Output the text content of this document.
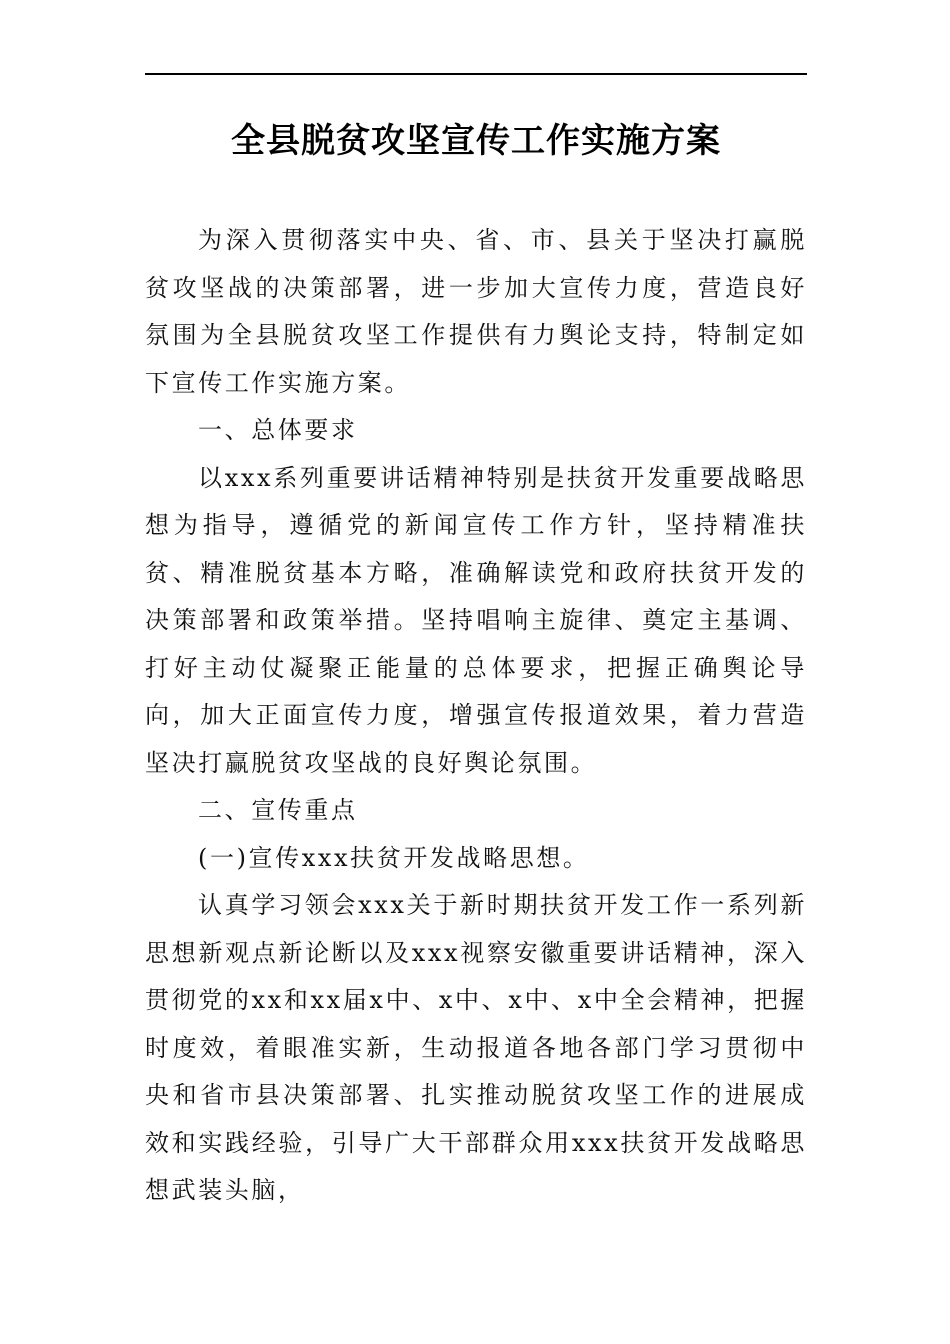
全县脱贫攻坚宣传工作实施方案

为深入贯彻落实中央、省、市、县关于坚决打赢脱贫攻坚战的决策部署，进一步加大宣传力度，营造良好氛围为全县脱贫攻坚工作提供有力舆论支持，特制定如下宣传工作实施方案。

一、总体要求

以xxx系列重要讲话精神特别是扶贫开发重要战略思想为指导，遵循党的新闻宣传工作方针，坚持精准扶贫、精准脱贫基本方略，准确解读党和政府扶贫开发的决策部署和政策举措。坚持唱响主旋律、奠定主基调、打好主动仗凝聚正能量的总体要求，把握正确舆论导向，加大正面宣传力度，增强宣传报道效果，着力营造坚决打赢脱贫攻坚战的良好舆论氛围。

二、宣传重点

(一)宣传xxx扶贫开发战略思想。

认真学习领会xxx关于新时期扶贫开发工作一系列新思想新观点新论断以及xxx视察安徽重要讲话精神，深入贯彻党的xx和xx届x中、x中、x中、x中全会精神，把握时度效，着眼准实新，生动报道各地各部门学习贯彻中央和省市县决策部署、扎实推动脱贫攻坚工作的进展成效和实践经验，引导广大干部群众用xxx扶贫开发战略思想武装头脑，
